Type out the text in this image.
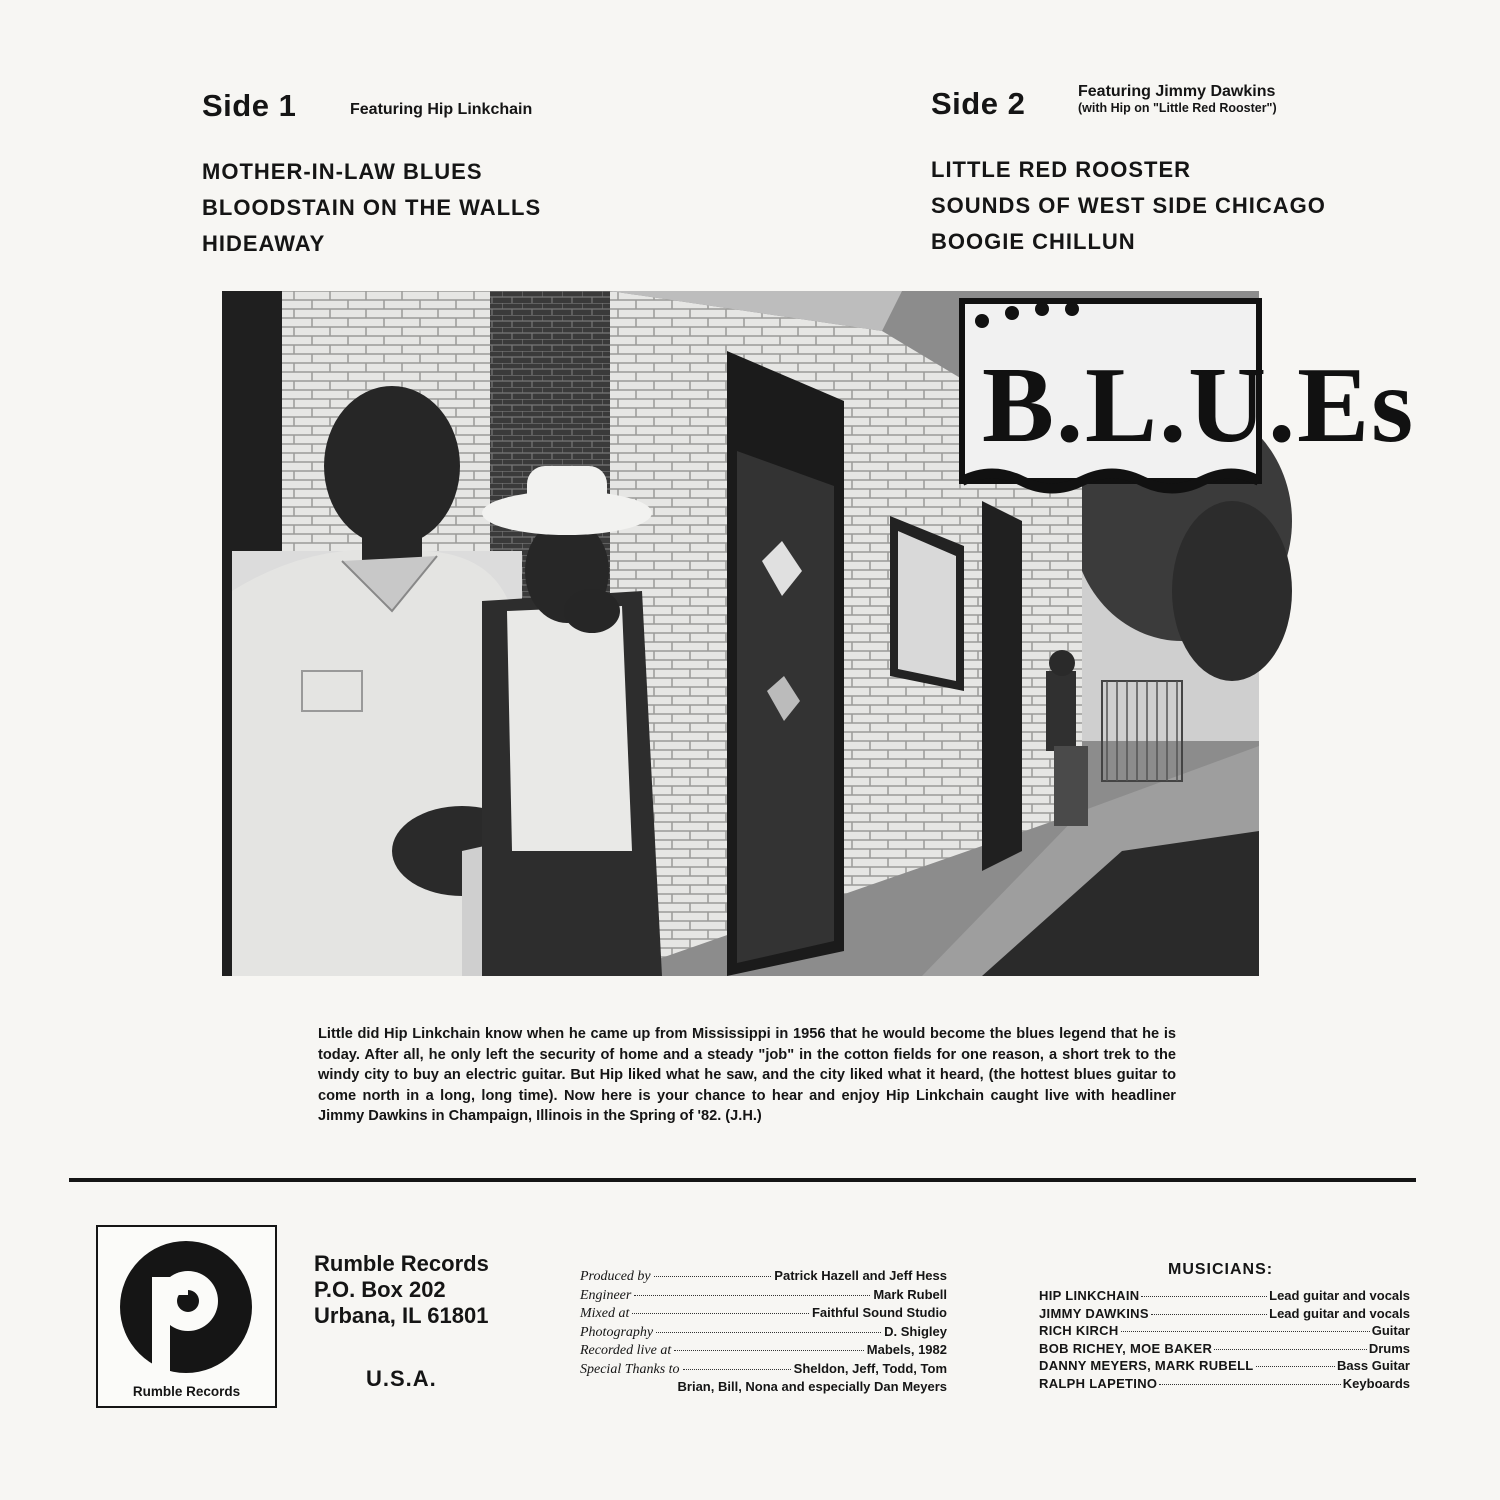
Side 1	Featuring Hip Linkchain
MOTHER-IN-LAW BLUES
BLOODSTAIN ON THE WALLS
HIDEAWAY
Side 2	Featuring Jimmy Dawkins
(with Hip on "Little Red Rooster")
LITTLE RED ROOSTER
SOUNDS OF WEST SIDE CHICAGO
BOOGIE CHILLUN
B.L.U.Es

Little did Hip Linkchain know when he came up from Mississippi in 1956 that he would become the blues legend that he is today. After all, he only left the security of home and a steady "job" in the cotton fields for one reason, a short trek to the windy city to buy an electric guitar. But Hip liked what he saw, and the city liked what it heard, (the hottest blues guitar to come north in a long, long time). Now here is your chance to hear and enjoy Hip Linkchain caught live with headliner Jimmy Dawkins in Champaign, Illinois in the Spring of '82. (J.H.)

Rumble Records
Rumble Records
P.O. Box 202
Urbana, IL 61801
U.S.A.
Produced by	Patrick Hazell and Jeff Hess
Engineer	Mark Rubell
Mixed at	Faithful Sound Studio
Photography	D. Shigley
Recorded live at	Mabels, 1982
Special Thanks to	Sheldon, Jeff, Todd, Tom
Brian, Bill, Nona and especially Dan Meyers
MUSICIANS:
HIP LINKCHAIN	Lead guitar and vocals
JIMMY DAWKINS	Lead guitar and vocals
RICH KIRCH	Guitar
BOB RICHEY, MOE BAKER	Drums
DANNY MEYERS, MARK RUBELL	Bass Guitar
RALPH LAPETINO	Keyboards
